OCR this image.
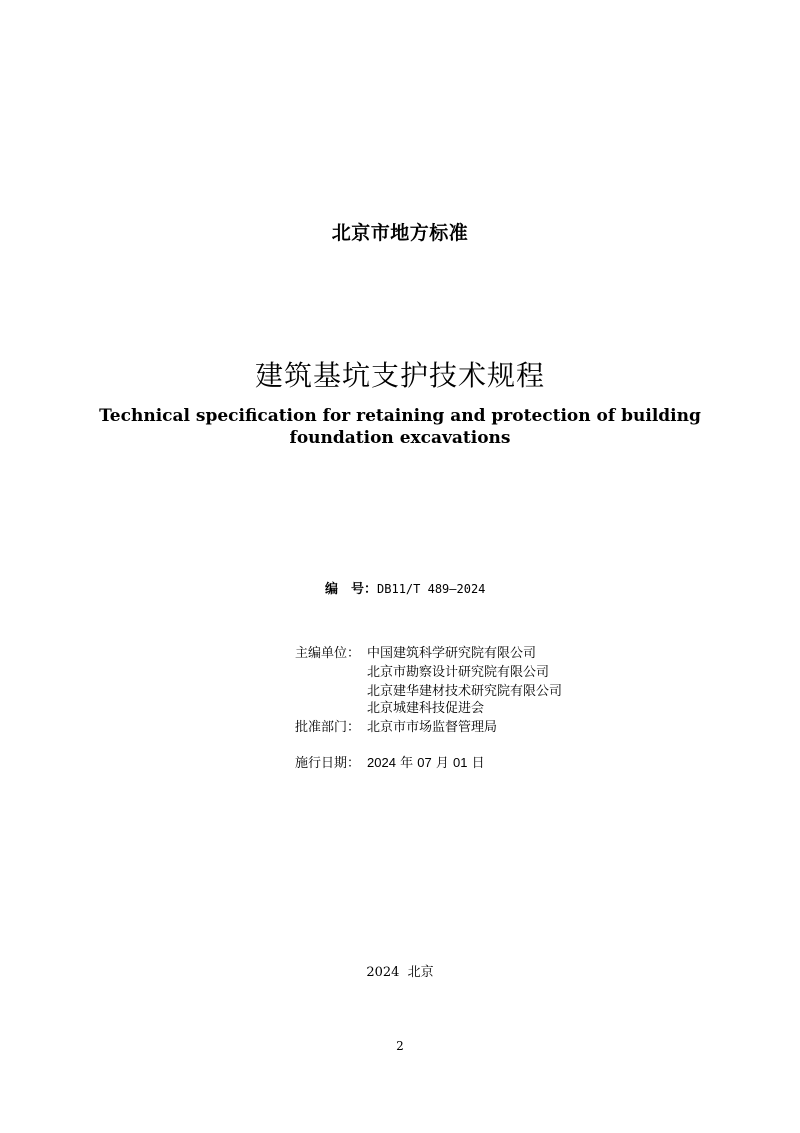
北京市地方标准
建筑基坑支护技术规程
Technical specification for retaining and protection of building foundation excavations
编　号：DB11/T 489—2024
主编单位： 中国建筑科学研究院有限公司
北京市勘察设计研究院有限公司
北京建华建材技术研究院有限公司
北京城建科技促进会
批准部门： 北京市市场监督管理局
施行日期： 2024 年 07 月 01 日
2024 北京
2
